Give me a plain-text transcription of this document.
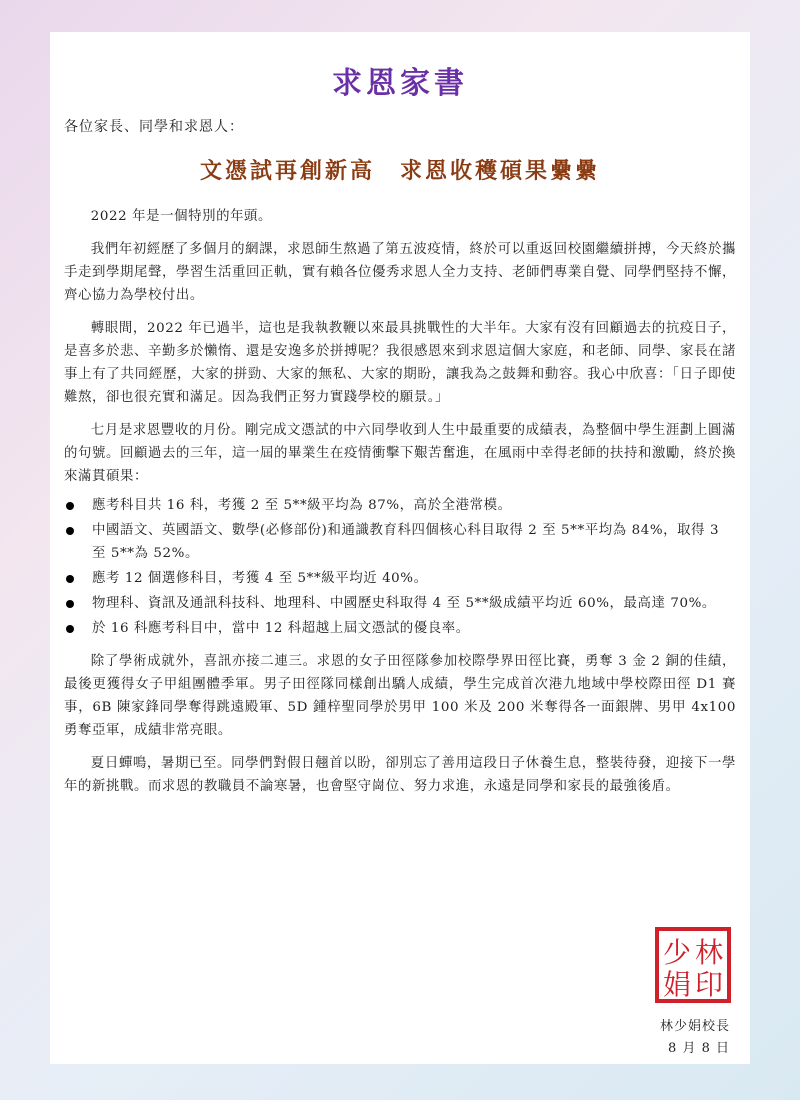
求恩家書
各位家長、同學和求恩人：
文憑試再創新高　求恩收穫碩果纍纍

2022 年是一個特別的年頭。

我們年初經歷了多個月的網課，求恩師生熬過了第五波疫情，終於可以重返回校園繼續拼搏，今天終於攜手走到學期尾聲，學習生活重回正軌，實有賴各位優秀求恩人全力支持、老師們專業自覺、同學們堅持不懈，齊心協力為學校付出。

轉眼間，2022 年已過半，這也是我執教鞭以來最具挑戰性的大半年。大家有沒有回顧過去的抗疫日子，是喜多於悲、辛勤多於懶惰、還是安逸多於拼搏呢？我很感恩來到求恩這個大家庭，和老師、同學、家長在諸事上有了共同經歷，大家的拼勁、大家的無私、大家的期盼，讓我為之鼓舞和動容。我心中欣喜：「日子即使難熬，卻也很充實和滿足。因為我們正努力實踐學校的願景。」

七月是求恩豐收的月份。剛完成文憑試的中六同學收到人生中最重要的成績表，為整個中學生涯劃上圓滿的句號。回顧過去的三年，這一屆的畢業生在疫情衝擊下艱苦奮進，在風雨中幸得老師的扶持和激勵，終於換來滿貫碩果：

應考科目共 16 科，考獲 2 至 5**級平均為 87%，高於全港常模。
中國語文、英國語文、數學(必修部份)和通識教育科四個核心科目取得 2 至 5**平均為 84%，取得 3 至 5**為 52%。
應考 12 個選修科目，考獲 4 至 5**級平均近 40%。
物理科、資訊及通訊科技科、地理科、中國歷史科取得 4 至 5**級成績平均近 60%，最高達 70%。
於 16 科應考科目中，當中 12 科超越上屆文憑試的優良率。

除了學術成就外，喜訊亦接二連三。求恩的女子田徑隊參加校際學界田徑比賽，勇奪 3 金 2 銅的佳績，最後更獲得女子甲組團體季軍。男子田徑隊同樣創出驕人成績，學生完成首次港九地域中學校際田徑 D1 賽事，6B 陳家鋒同學奪得跳遠殿軍、5D 鍾梓聖同學於男甲 100 米及 200 米奪得各一面銀牌、男甲 4x100 勇奪亞軍，成績非常亮眼。

夏日蟬鳴，暑期已至。同學們對假日翹首以盼，卻別忘了善用這段日子休養生息，整裝待發，迎接下一學年的新挑戰。而求恩的教職員不論寒暑，也會堅守崗位、努力求進，永遠是同學和家長的最強後盾。

林
少
娟 印
林少娟校長
8 月 8 日
